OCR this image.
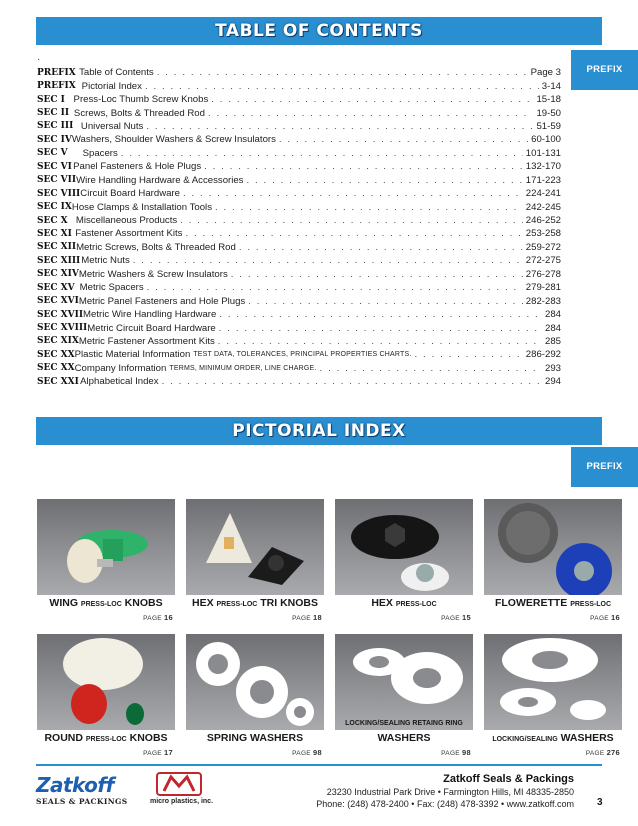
TABLE OF CONTENTS
PREFIX
·
PREFIX Table of Contents . . .	Page 3
PREFIX Pictorial Index . . .	3-14
SEC I Press-Loc Thumb Screw Knobs . . .	15-18
SEC II Screws, Bolts & Threaded Rod . . .	19-50
SEC III Universal Nuts . . .	51-59
SEC IV Washers, Shoulder Washers & Screw Insulators . . .	60-100
SEC V	Spacers . . .	101-131
SEC VI Panel Fasteners & Hole Plugs . . .	132-170
SEC VII Wire Handling Hardware & Accessories . . .	171-223
SEC VIII Circuit Board Hardware . . .	224-241
SEC IX Hose Clamps & Installation Tools . . .	242-245
SEC X Miscellaneous Products . . .	246-252
SEC XI Fastener Assortment Kits . . .	253-258
SEC XII Metric Screws, Bolts & Threaded Rod . . .	259-272
SEC XIII Metric Nuts . . .	272-275
SEC XIV Metric Washers & Screw Insulators . . .	276-278
SEC XV Metric Spacers . . .	279-281
SEC XVI Metric Panel Fasteners and Hole Plugs . . .	282-283
SEC XVII Metric Wire Handling Hardware . . .	284
SEC XVIII Metric Circuit Board Hardware . . .	284
SEC XIX Metric Fastener Assortment Kits . . .	285
SEC XX Plastic Material Information TEST DATA, TOLERANCES, PRINCIPAL PROPERTIES CHARTS. . . .	286-292
SEC XX Company Information TERMS, MINIMUM ORDER, LINE CHARGE. . . .	293
SEC XXI Alphabetical Index . . .	294
PICTORIAL INDEX
PREFIX
WING PRESS-LOC KNOBS
PAGE 16
HEX PRESS-LOC TRI KNOBS
PAGE 18
HEX PRESS-LOC
PAGE 15
FLOWERETTE PRESS-LOC
PAGE 16
ROUND PRESS-LOC KNOBS
PAGE 17
SPRING WASHERS
PAGE 98
LOCKING/SEALING RETAING RING
WASHERS
PAGE 98
LOCKING/SEALING WASHERS
PAGE 276
Zatkoff
SEALS & PACKINGS	micro plastics, inc.
Zatkoff Seals & Packings
23230 Industrial Park Drive • Farmington Hills, MI 48335-2850
Phone: (248) 478-2400 • Fax: (248) 478-3392 • www.zatkoff.com 3
